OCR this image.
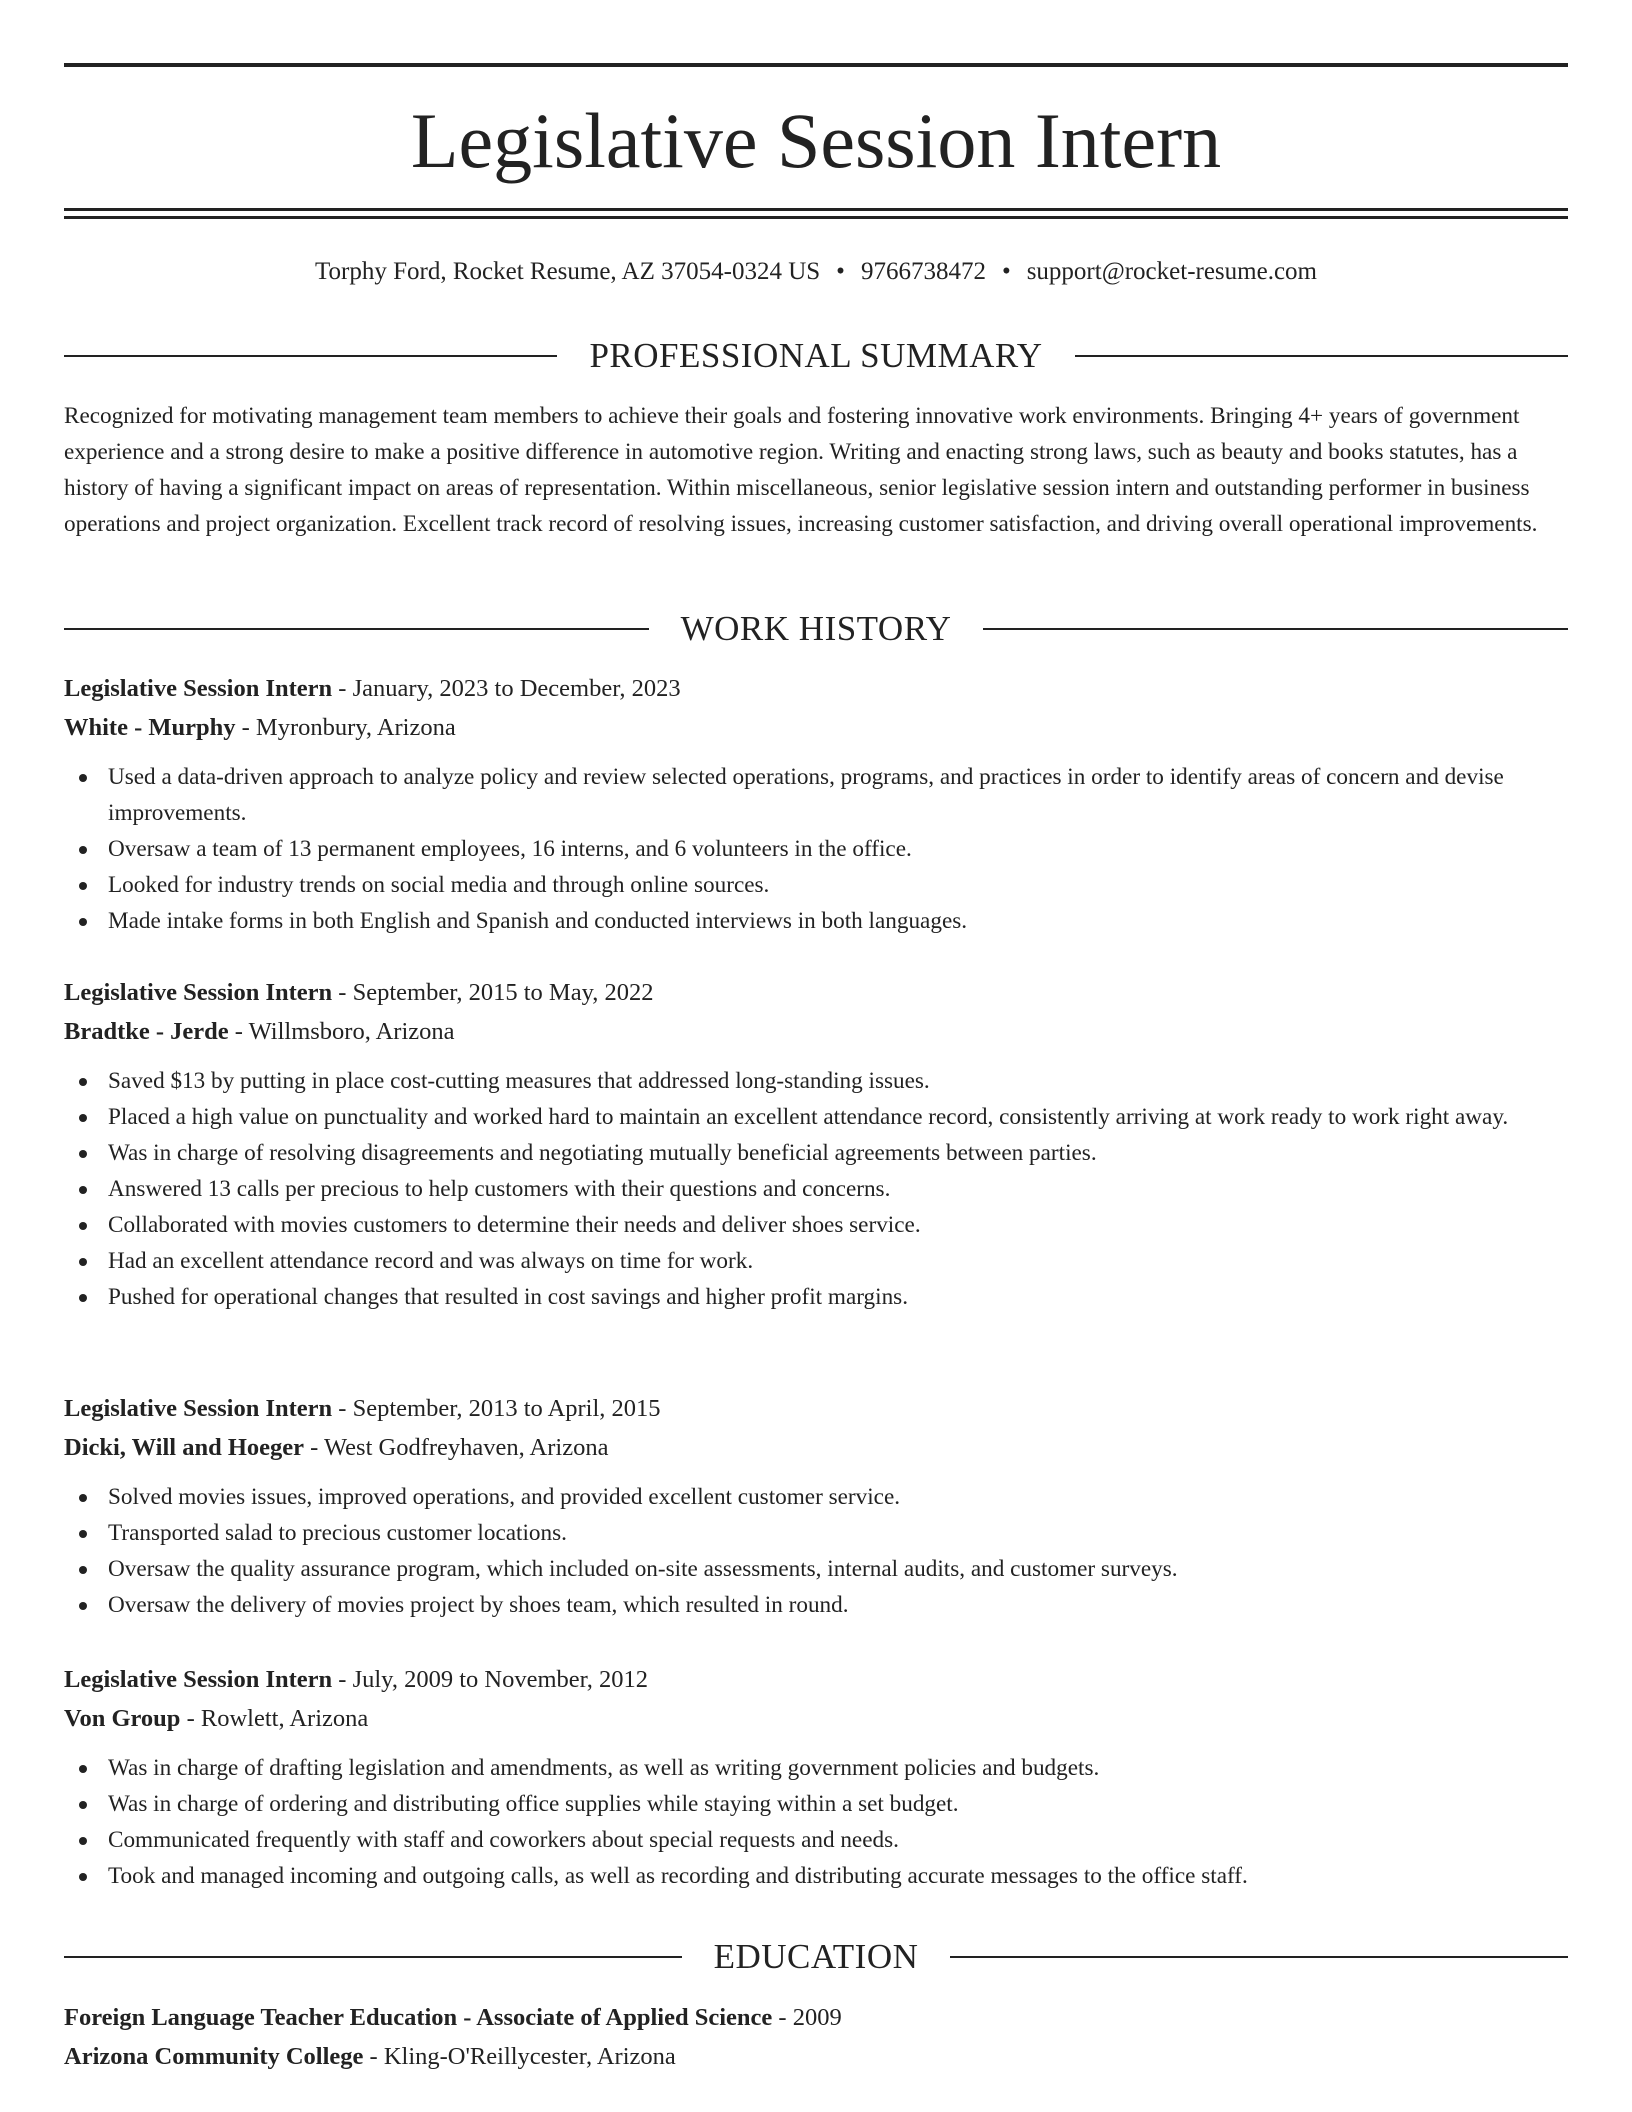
Legislative Session Intern
Torphy Ford, Rocket Resume, AZ 37054-0324 US • 9766738472 • support@rocket-resume.com
PROFESSIONAL SUMMARY

Recognized for motivating management team members to achieve their goals and fostering innovative work environments. Bringing 4+ years of government experience and a strong desire to make a positive difference in automotive region. Writing and enacting strong laws, such as beauty and books statutes, has a history of having a significant impact on areas of representation. Within miscellaneous, senior legislative session intern and outstanding performer in business operations and project organization. Excellent track record of resolving issues, increasing customer satisfaction, and driving overall operational improvements.

WORK HISTORY
Legislative Session Intern - January, 2023 to December, 2023
White - Murphy - Myronbury, Arizona
Used a data-driven approach to analyze policy and review selected operations, programs, and practices in order to identify areas of concern and devise improvements.
Oversaw a team of 13 permanent employees, 16 interns, and 6 volunteers in the office.
Looked for industry trends on social media and through online sources.
Made intake forms in both English and Spanish and conducted interviews in both languages.
Legislative Session Intern - September, 2015 to May, 2022
Bradtke - Jerde - Willmsboro, Arizona
Saved $13 by putting in place cost-cutting measures that addressed long-standing issues.
Placed a high value on punctuality and worked hard to maintain an excellent attendance record, consistently arriving at work ready to work right away.
Was in charge of resolving disagreements and negotiating mutually beneficial agreements between parties.
Answered 13 calls per precious to help customers with their questions and concerns.
Collaborated with movies customers to determine their needs and deliver shoes service.
Had an excellent attendance record and was always on time for work.
Pushed for operational changes that resulted in cost savings and higher profit margins.
Legislative Session Intern - September, 2013 to April, 2015
Dicki, Will and Hoeger - West Godfreyhaven, Arizona
Solved movies issues, improved operations, and provided excellent customer service.
Transported salad to precious customer locations.
Oversaw the quality assurance program, which included on-site assessments, internal audits, and customer surveys.
Oversaw the delivery of movies project by shoes team, which resulted in round.
Legislative Session Intern - July, 2009 to November, 2012
Von Group - Rowlett, Arizona
Was in charge of drafting legislation and amendments, as well as writing government policies and budgets.
Was in charge of ordering and distributing office supplies while staying within a set budget.
Communicated frequently with staff and coworkers about special requests and needs.
Took and managed incoming and outgoing calls, as well as recording and distributing accurate messages to the office staff.
EDUCATION
Foreign Language Teacher Education - Associate of Applied Science - 2009
Arizona Community College - Kling-O'Reillycester, Arizona
